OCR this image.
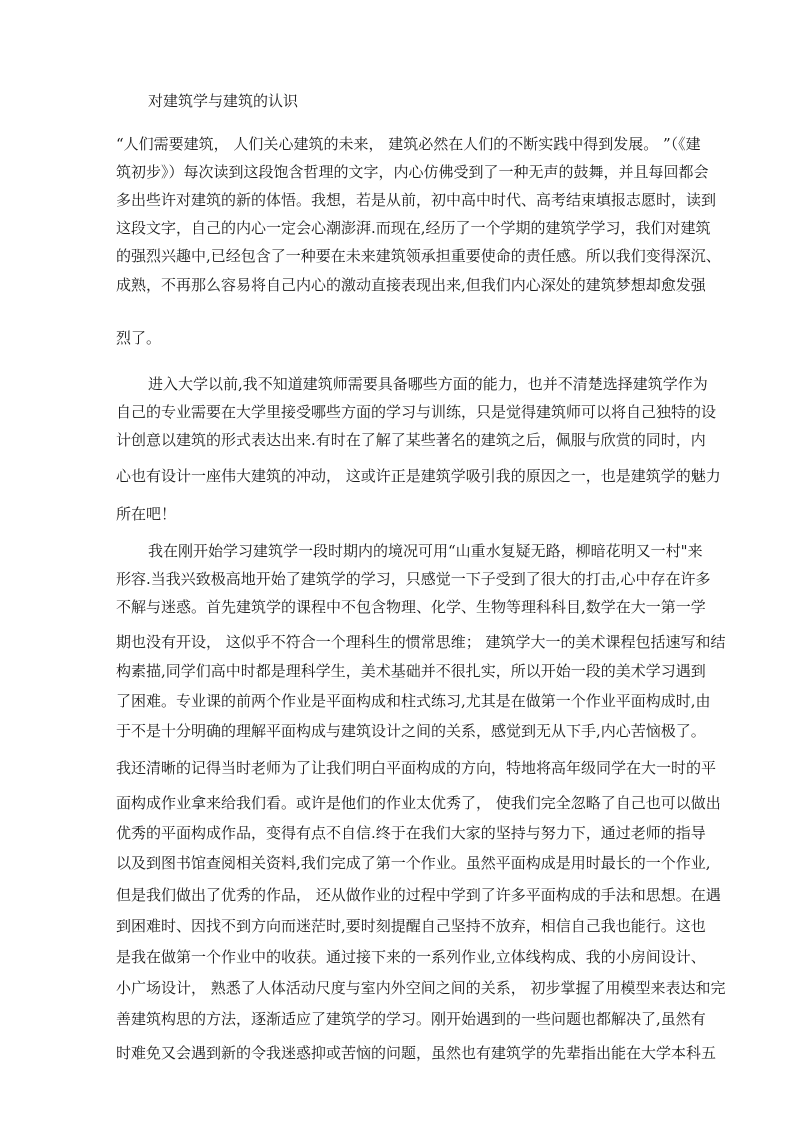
对建筑学与建筑的认识
“人们需要建筑， 人们关心建筑的未来， 建筑必然在人们的不断实践中得到发展。 ”（《建
筑初步》）每次读到这段饱含哲理的文字，内心仿佛受到了一种无声的鼓舞，并且每回都会
多出些许对建筑的新的体悟。我想，若是从前，初中高中时代、高考结束填报志愿时，读到
这段文字，自己的内心一定会心潮澎湃.而现在,经历了一个学期的建筑学学习，我们对建筑
的强烈兴趣中,已经包含了一种要在未来建筑领承担重要使命的责任感。所以我们变得深沉、
成熟，不再那么容易将自己内心的激动直接表现出来,但我们内心深处的建筑梦想却愈发强
烈了。
进入大学以前,我不知道建筑师需要具备哪些方面的能力，也并不清楚选择建筑学作为
自己的专业需要在大学里接受哪些方面的学习与训练，只是觉得建筑师可以将自己独特的设
计创意以建筑的形式表达出来.有时在了解了某些著名的建筑之后，佩服与欣赏的同时，内
心也有设计一座伟大建筑的冲动， 这或许正是建筑学吸引我的原因之一，也是建筑学的魅力
所在吧！
我在刚开始学习建筑学一段时期内的境况可用“山重水复疑无路，柳暗花明又一村"来
形容.当我兴致极高地开始了建筑学的学习，只感觉一下子受到了很大的打击,心中存在许多
不解与迷惑。首先建筑学的课程中不包含物理、化学、生物等理科科目,数学在大一第一学
期也没有开设， 这似乎不符合一个理科生的惯常思维； 建筑学大一的美术课程包括速写和结
构素描,同学们高中时都是理科学生，美术基础并不很扎实，所以开始一段的美术学习遇到
了困难。专业课的前两个作业是平面构成和柱式练习,尤其是在做第一个作业平面构成时,由
于不是十分明确的理解平面构成与建筑设计之间的关系，感觉到无从下手,内心苦恼极了。
我还清晰的记得当时老师为了让我们明白平面构成的方向，特地将高年级同学在大一时的平
面构成作业拿来给我们看。或许是他们的作业太优秀了， 使我们完全忽略了自己也可以做出
优秀的平面构成作品，变得有点不自信.终于在我们大家的坚持与努力下，通过老师的指导
以及到图书馆查阅相关资料,我们完成了第一个作业。虽然平面构成是用时最长的一个作业,
但是我们做出了优秀的作品， 还从做作业的过程中学到了许多平面构成的手法和思想。在遇
到困难时、因找不到方向而迷茫时,要时刻提醒自己坚持不放弃，相信自己我也能行。这也
是我在做第一个作业中的收获。通过接下来的一系列作业,立体线构成、我的小房间设计、
小广场设计， 熟悉了人体活动尺度与室内外空间之间的关系， 初步掌握了用模型来表达和完
善建筑构思的方法，逐渐适应了建筑学的学习。刚开始遇到的一些问题也都解决了,虽然有
时难免又会遇到新的令我迷惑抑或苦恼的问题，虽然也有建筑学的先辈指出能在大学本科五
